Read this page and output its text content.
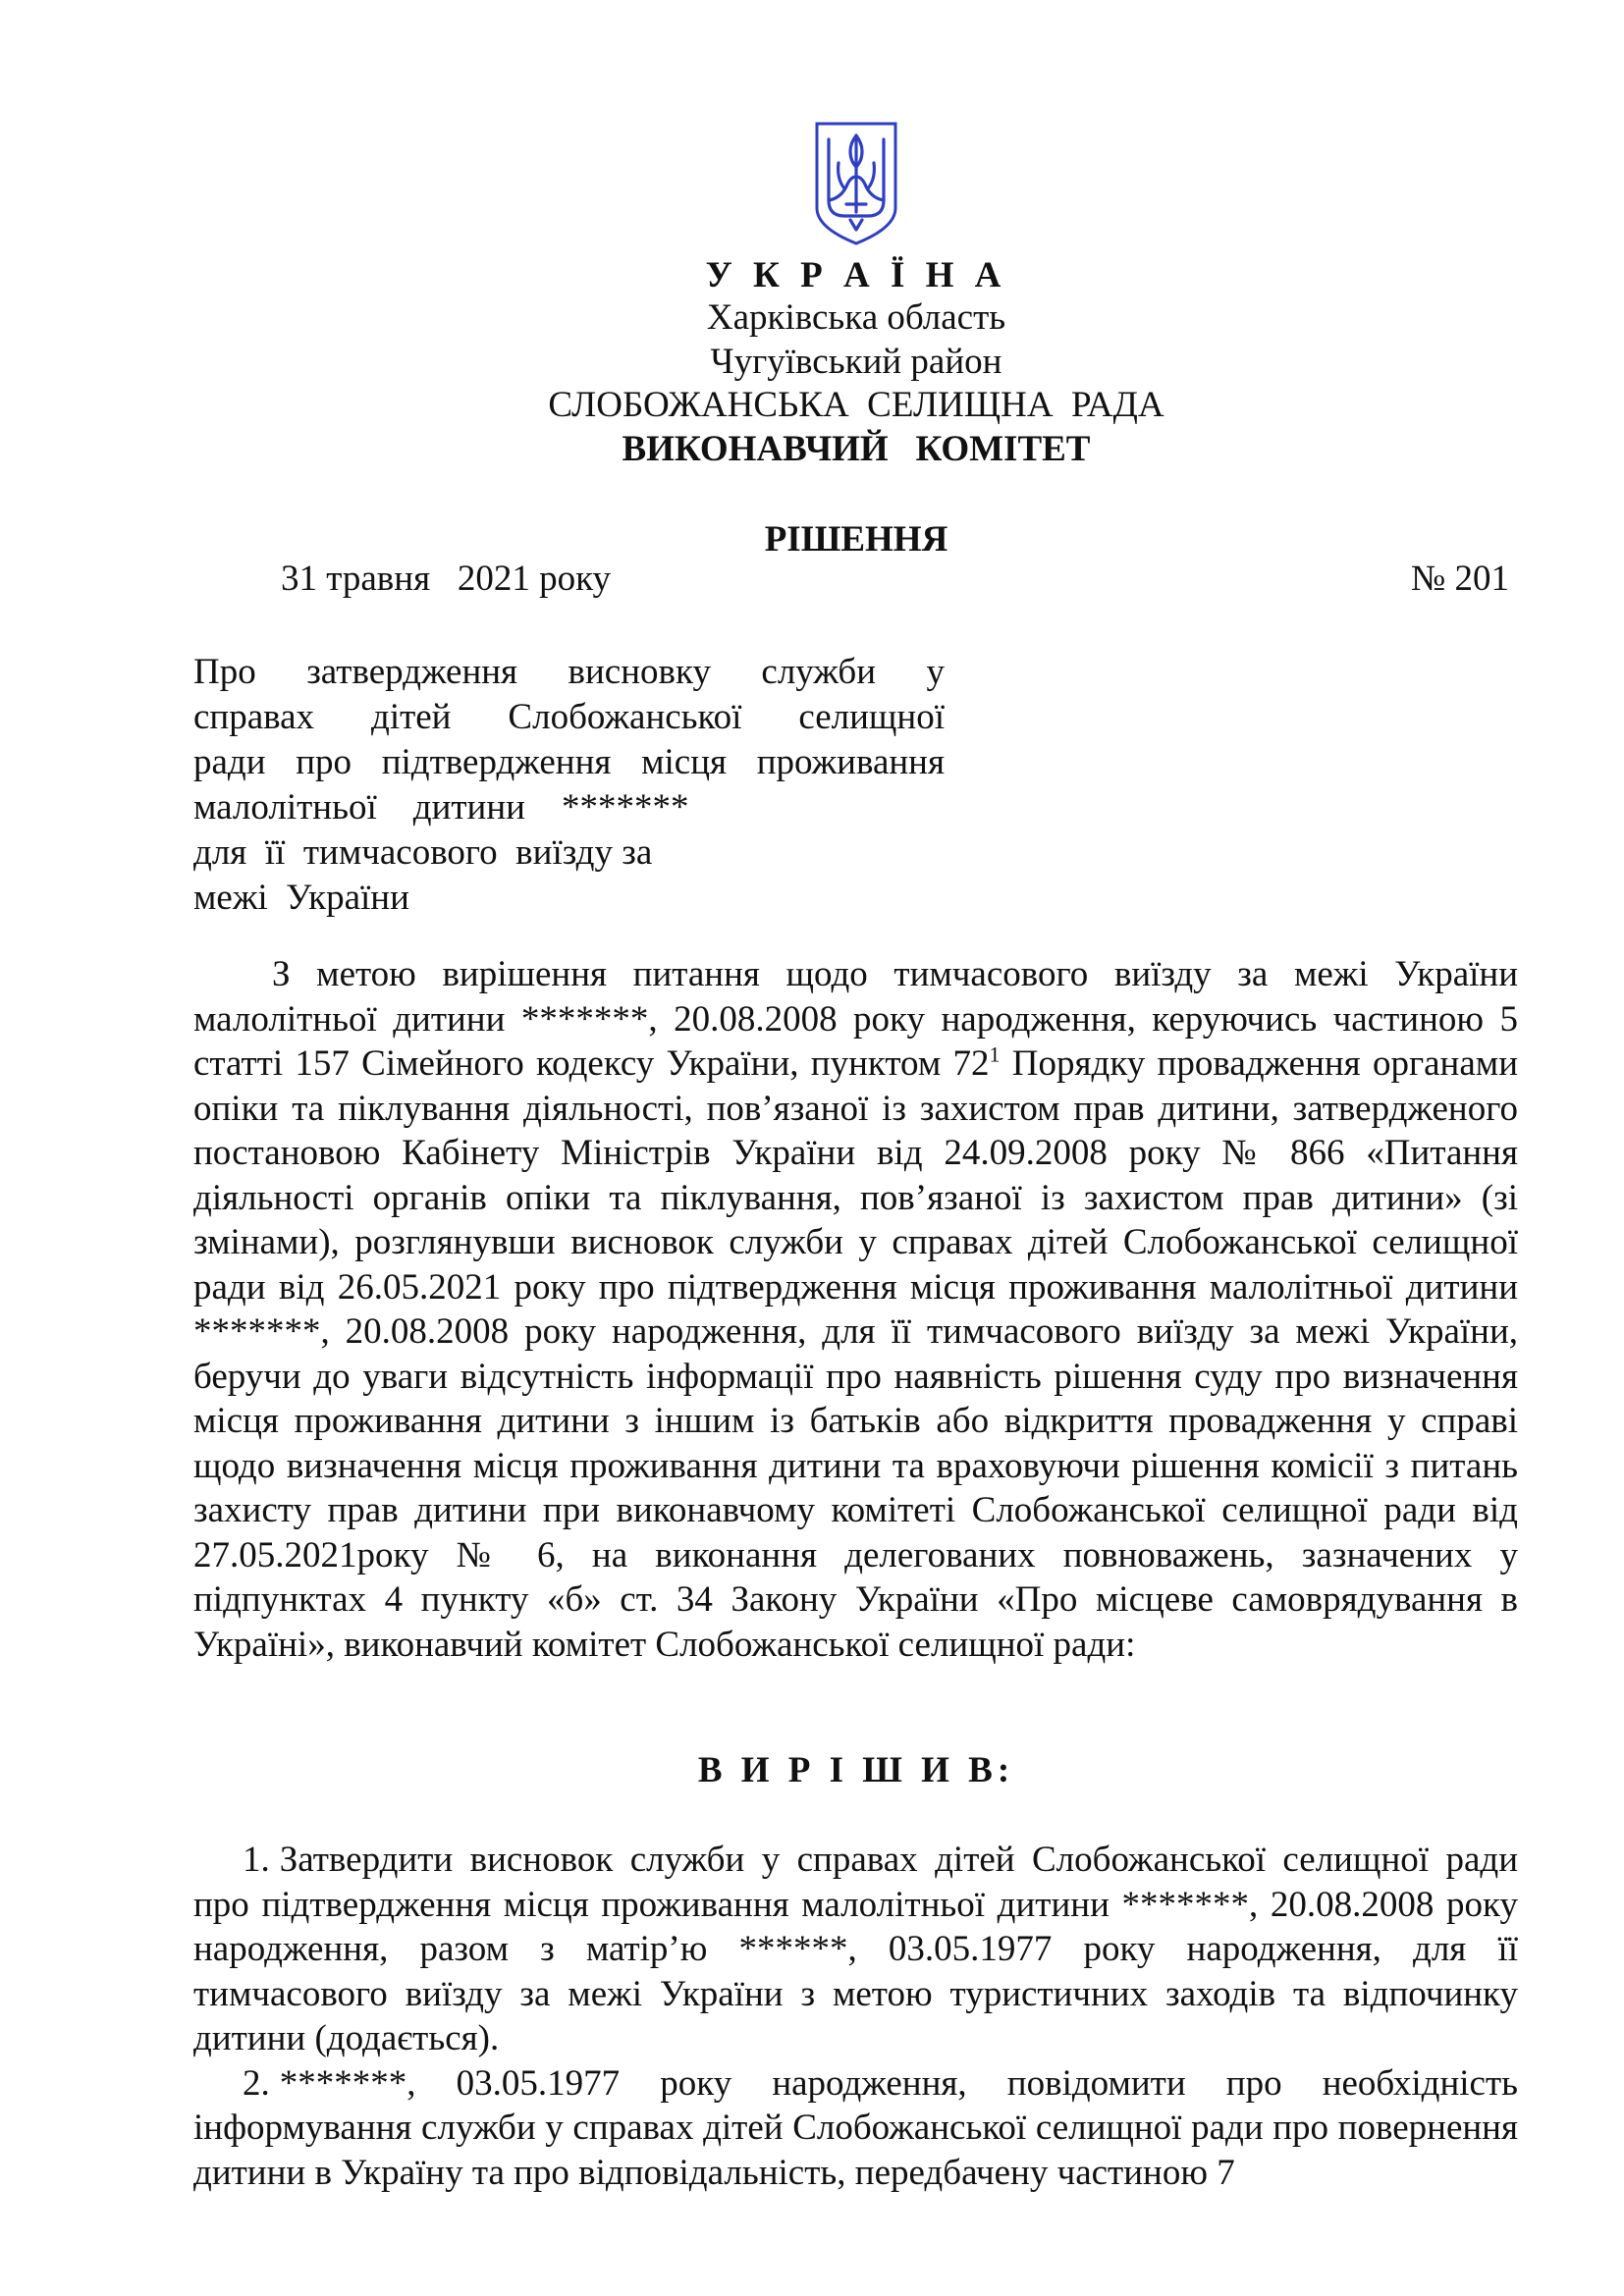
У К Р А Ї Н А
Харківська область
Чугуївський район
СЛОБОЖАНСЬКА  СЕЛИЩНА  РАДА
ВИКОНАВЧИЙ   КОМІТЕТ
РІШЕННЯ
31 травня   2021 року	№ 201
Про  затвердження  висновку  служби  у
справах  дітей  Слобожанської  селищної
ради про підтвердження місця проживання
малолітньої    дитини    *******
для  її  тимчасового  виїзду за
межі  України

З метою вирішення питання щодо тимчасового виїзду за межі України малолітньої дитини *******, 20.08.2008 року народження, керуючись частиною 5 статті 157 Сімейного кодексу України, пунктом $72^1$ Порядку провадження органами опіки та піклування діяльності, пов’язаної із захистом прав дитини, затвердженого постановою Кабінету Міністрів України від 24.09.2008 року № 866 «Питання діяльності органів опіки та піклування, пов’язаної із захистом прав дитини» (зі змінами), розглянувши висновок служби у справах дітей Слобожанської селищної ради від 26.05.2021 року про підтвердження місця проживання малолітньої дитини *******, 20.08.2008 року народження, для її тимчасового виїзду за межі України, беручи до уваги відсутність інформації про наявність рішення суду про визначення місця проживання дитини з іншим із батьків або відкриття провадження у справі щодо визначення місця проживання дитини та враховуючи рішення комісії з питань захисту прав дитини при виконавчому комітеті Слобожанської селищної ради від 27.05.2021року № 6, на виконання делегованих повноважень, зазначених у підпунктах 4 пункту «б» ст. 34 Закону України «Про місцеве самоврядування в Україні», виконавчий комітет Слобожанської селищної ради:

В И Р І Ш И В:

1. Затвердити висновок служби у справах дітей Слобожанської селищної ради про підтвердження місця проживання малолітньої дитини *******, 20.08.2008 року народження, разом з матір’ю ******, 03.05.1977 року народження, для її тимчасового виїзду за межі України з метою туристичних заходів та відпочинку дитини (додається).

2. *******, 03.05.1977 року народження, повідомити про необхідність інформування служби у справах дітей Слобожанської селищної ради про повернення дитини в Україну та про відповідальність, передбачену частиною 7
